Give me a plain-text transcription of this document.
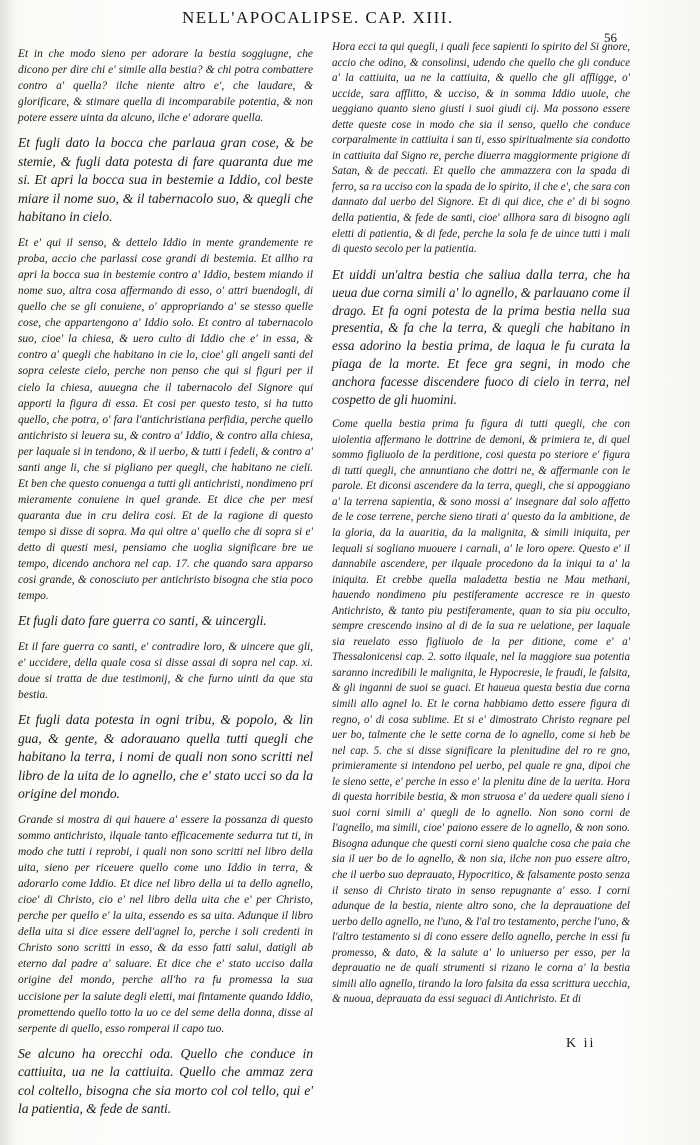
NELL'APOCALIPSE. CAP. XIII.
56

Et in che modo sieno per adorare la bestia soggiugne, che dicono per dire chi e' simile alla bestia? & chi potra combattere contro a' quella? ilche niente altro e', che laudare, & glorificare, & stimare quella di incomparabile potentia, & non potere essere uinta da alcuno, ilche e' adorare quella.

Et fugli dato la bocca che parlaua gran cose, & be stemie, & fugli data potesta di fare quaranta due me si. Et apri la bocca sua in bestemie a Iddio, col beste miare il nome suo, & il tabernacolo suo, & quegli che habitano in cielo.

Et e' qui il senso, & dettelo Iddio in mente grandemente re proba, accio che parlassi cose grandi di bestemia. Et allho ra apri la bocca sua in bestemie contro a' Iddio, bestem miando il nome suo, altra cosa affermando di esso, o' attri buendogli, di quello che se gli conuiene, o' appropriando a' se stesso quelle cose, che appartengono a' Iddio solo. Et contro al tabernacolo suo, cioe' la chiesa, & uero culto di Iddio che e' in essa, & contro a' quegli che habitano in cie lo, cioe' gli angeli santi del sopra celeste cielo, perche non penso che qui si figuri per il cielo la chiesa, auuegna che il tabernacolo del Signore qui apporti la figura di essa. Et cosi per questo testo, si ha tutto quello, che potra, o' fara l'antichristiana perfidia, perche quello antichristo si leuera su, & contro a' Iddio, & contro alla chiesa, per laquale si in tendono, & il uerbo, & tutti i fedeli, & contro a' santi ange li, che si pigliano per quegli, che habitano ne cieli. Et ben che questo conuenga a tutti gli antichristi, nondimeno pri mieramente conuiene in quel grande. Et dice che per mesi quaranta due in cru delira cosi. Et de la ragione di questo tempo si disse di sopra. Ma qui oltre a' quello che di sopra si e' detto di questi mesi, pensiamo che uoglia significare bre ue tempo, dicendo anchora nel cap. 17. che quando sara apparso cosi grande, & conosciuto per antichristo bisogna che stia poco tempo.

Et fugli dato fare guerra co santi, & uincergli.

Et il fare guerra co santi, e' contradire loro, & uincere que gli, e' uccidere, della quale cosa si disse assai di sopra nel cap. xi. doue si tratta de due testimonij, & che furno uinti da que sta bestia.

Et fugli data potesta in ogni tribu, & popolo, & lin gua, & gente, & adorauano quella tutti quegli che habitano la terra, i nomi de quali non sono scritti nel libro de la uita de lo agnello, che e' stato ucci so da la origine del mondo.

Grande si mostra di qui hauere a' essere la possanza di questo sommo antichristo, ilquale tanto efficacemente sedurra tut ti, in modo che tutti i reprobi, i quali non sono scritti nel libro della uita, sieno per riceuere quello come uno Iddio in terra, & adorarlo come Iddio. Et dice nel libro della ui ta dello agnello, cioe' di Christo, cio e' nel libro della uita che e' per Christo, perche per quello e' la uita, essendo es sa uita. Adunque il libro della uita si dice essere dell'agnel lo, perche i soli credenti in Christo sono scritti in esso, & da esso fatti salui, datigli ab eterno dal padre a' saluare. Et dice che e' stato ucciso dalla origine del mondo, perche all'ho ra fu promessa la sua uccisione per la salute degli eletti, mai fintamente quando Iddio, promettendo quello totto la uo ce del seme della donna, disse al serpente di quello, esso romperai il capo tuo.

Se alcuno ha orecchi oda. Quello che conduce in cattiuita, ua ne la cattiuita. Quello che ammaz zera col coltello, bisogna che sia morto col col tello, qui e' la patientia, & fede de santi.

Hora ecci ta qui quegli, i quali fece sapienti lo spirito del Si gnore, accio che odino, & consolinsi, udendo che quello che gli conduce a' la cattiuita, ua ne la cattiuita, & quello che gli affligge, o' uccide, sara afflitto, & ucciso, & in somma Iddio uuole, che ueggiano quanto sieno giusti i suoi giudi cij. Ma possono essere dette queste cose in modo che sia il senso, quello che conduce corparalmente in cattiuita i san ti, esso spiritualmente sia condotto in cattiuita dal Signo re, perche diuerra maggiormente prigione di Satan, & de peccati. Et quello che ammazzera con la spada di ferro, sa ra ucciso con la spada de lo spirito, il che e', che sara con dannato dal uerbo del Signore. Et di qui dice, che e' di bi sogno della patientia, & fede de santi, cioe' allhora sara di bisogno agli eletti di patientia, & di fede, perche la sola fe de uince tutti i mali di questo secolo per la patientia.

Et uiddi un'altra bestia che saliua dalla terra, che ha ueua due corna simili a' lo agnello, & parlauano come il drago. Et fa ogni potesta de la prima bestia nella sua presentia, & fa che la terra, & quegli che habitano in essa adorino la bestia prima, de laqua le fu curata la piaga de la morte. Et fece gra segni, in modo che anchora facesse discendere fuoco di cielo in terra, nel cospetto de gli huomini.

Come quella bestia prima fu figura di tutti quegli, che con uiolentia affermano le dottrine de demoni, & primiera te, di quel sommo figliuolo de la perditione, cosi questa po steriore e' figura di tutti quegli, che annuntiano che dottri ne, & affermanle con le parole. Et diconsi ascendere da la terra, quegli, che si appoggiano a' la terrena sapientia, & sono mossi a' insegnare dal solo affetto de le cose terrene, perche sieno tirati a' questo da la ambitione, de la gloria, da la auaritia, da la malignita, & simili iniquita, per lequali si sogliano muouere i carnali, a' le loro opere. Questo e' il dannabile ascendere, per ilquale procedono da la iniqui ta a' la iniquita. Et crebbe quella maladetta bestia ne Mau methani, hauendo nondimeno piu pestiferamente accresce re in questo Antichristo, & tanto piu pestiferamente, quan to sia piu occulto, sempre crescendo insino al di de la sua re uelatione, per laquale sia reuelato esso figliuolo de la per ditione, come e' a' Thessalonicensi cap. 2. sotto ilquale, nel la maggiore sua potentia saranno incredibili le malignita, le Hypocresie, le fraudi, le falsita, & gli inganni de suoi se guaci. Et haueua questa bestia due corna simili allo agnel lo. Et le corna habbiamo detto essere figura di regno, o' di cosa sublime. Et si e' dimostrato Christo regnare pel uer bo, talmente che le sette corna de lo agnello, come si heb be nel cap. 5. che si disse significare la plenitudine del ro re gno, primieramente si intendono pel uerbo, pel quale re gna, dipoi che le sieno sette, e' perche in esso e' la plenitu dine de la uerita. Hora di questa horribile bestia, & mon struosa e' da uedere quali sieno i suoi corni simili a' quegli de lo agnello. Non sono corni de l'agnello, ma simili, cioe' paiono essere de lo agnello, & non sono. Bisogna adunque che questi corni sieno qualche cosa che paia che sia il uer bo de lo agnello, & non sia, ilche non puo essere altro, che il uerbo suo deprauato, Hypocritico, & falsamente posto senza il senso di Christo tirato in senso repugnante a' esso. I corni adunque de la bestia, niente altro sono, che la deprauatione del uerbo dello agnello, ne l'uno, & l'al tro testamento, perche l'uno, & l'altro testamento si di cono essere dello agnello, perche in essi fu promesso, & dato, & la salute a' lo uniuerso per esso, per la deprauatio ne de quali strumenti si rizano le corna a' la bestia simili allo agnello, tirando la loro falsita da essa scrittura uecchia, & nuoua, deprauata da essi seguaci di Antichristo. Et di

K ii
